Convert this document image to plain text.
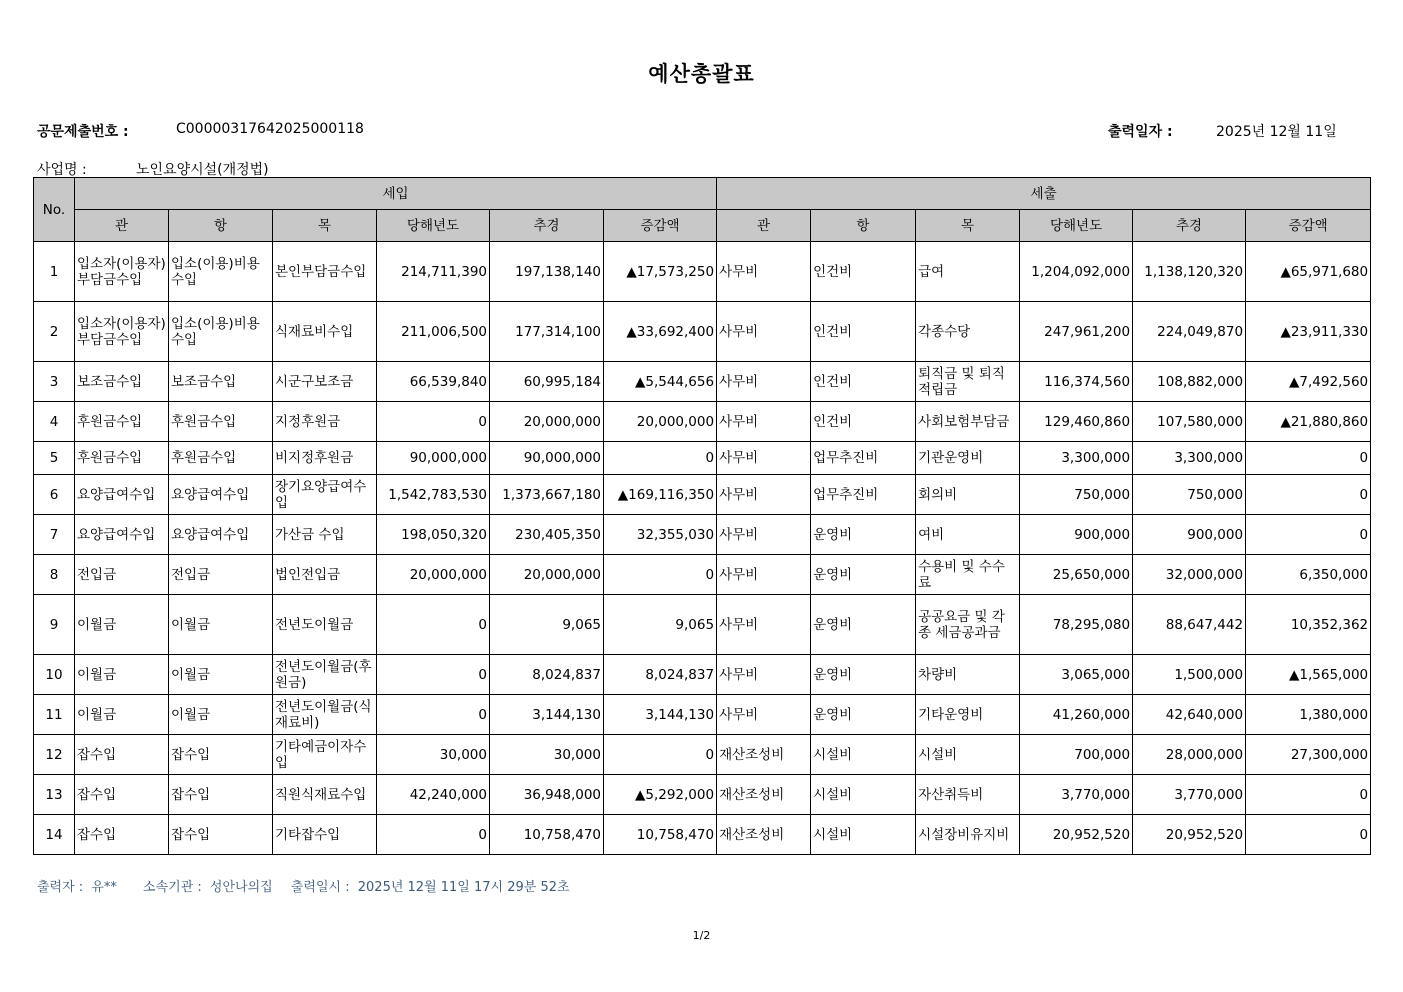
예산총괄표
공문제출번호 :	C00000317642025000118	출력일자 :	2025년 12월 11일
사업명 :	노인요양시설(개정법)
No.	세입						세출					
	관	항	목	당해년도	추경	증감액	관	항	목	당해년도	추경	증감액
1	입소자(이용자)부담금수입	입소(이용)비용수입	본인부담금수입	214,711,390	197,138,140	▲17,573,250	사무비	인건비	급여	1,204,092,000	1,138,120,320	▲65,971,680
2	입소자(이용자)부담금수입	입소(이용)비용수입	식재료비수입	211,006,500	177,314,100	▲33,692,400	사무비	인건비	각종수당	247,961,200	224,049,870	▲23,911,330
3	보조금수입	보조금수입	시군구보조금	66,539,840	60,995,184	▲5,544,656	사무비	인건비	퇴직금 및 퇴직적립금	116,374,560	108,882,000	▲7,492,560
4	후원금수입	후원금수입	지정후원금	0	20,000,000	20,000,000	사무비	인건비	사회보험부담금	129,460,860	107,580,000	▲21,880,860
5	후원금수입	후원금수입	비지정후원금	90,000,000	90,000,000	0	사무비	업무추진비	기관운영비	3,300,000	3,300,000	0
6	요양급여수입	요양급여수입	장기요양급여수입	1,542,783,530	1,373,667,180	▲169,116,350	사무비	업무추진비	회의비	750,000	750,000	0
7	요양급여수입	요양급여수입	가산금 수입	198,050,320	230,405,350	32,355,030	사무비	운영비	여비	900,000	900,000	0
8	전입금	전입금	법인전입금	20,000,000	20,000,000	0	사무비	운영비	수용비 및 수수료	25,650,000	32,000,000	6,350,000
9	이월금	이월금	전년도이월금	0	9,065	9,065	사무비	운영비	공공요금 및 각종 세금공과금	78,295,080	88,647,442	10,352,362
10	이월금	이월금	전년도이월금(후원금)	0	8,024,837	8,024,837	사무비	운영비	차량비	3,065,000	1,500,000	▲1,565,000
11	이월금	이월금	전년도이월금(식재료비)	0	3,144,130	3,144,130	사무비	운영비	기타운영비	41,260,000	42,640,000	1,380,000
12	잡수입	잡수입	기타예금이자수입	30,000	30,000	0	재산조성비	시설비	시설비	700,000	28,000,000	27,300,000
13	잡수입	잡수입	직원식재료수입	42,240,000	36,948,000	▲5,292,000	재산조성비	시설비	자산취득비	3,770,000	3,770,000	0
14	잡수입	잡수입	기타잡수입	0	10,758,470	10,758,470	재산조성비	시설비	시설장비유지비	20,952,520	20,952,520	0
출력자 : 유** 소속기관 : 성안나의집 출력일시 : 2025년 12월 11일 17시 29분 52초
1/2
